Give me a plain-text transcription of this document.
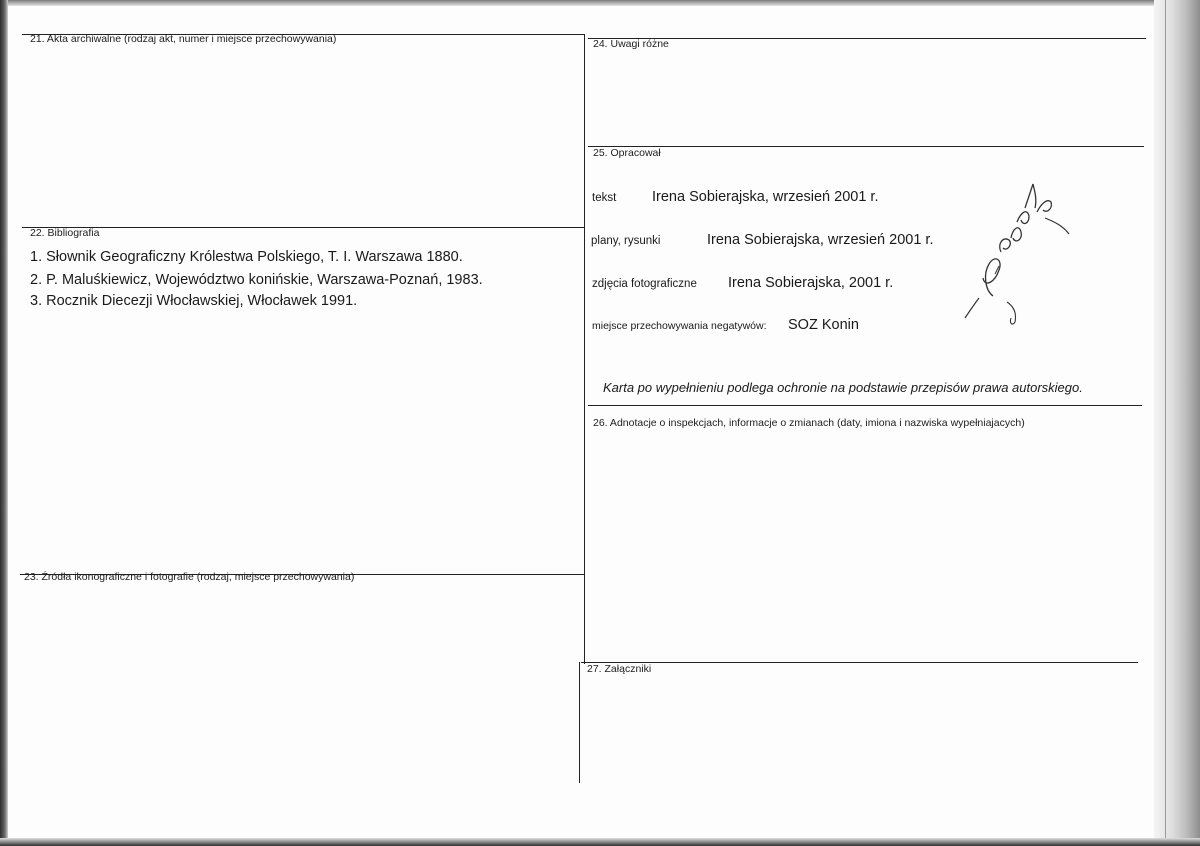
21. Akta archiwalne (rodzaj akt, numer i miejsce przechowywania)
22. Bibliografia
1. Słownik Geograficzny Królestwa Polskiego, T. I. Warszawa 1880.
2. P. Maluśkiewicz, Województwo konińskie, Warszawa-Poznań, 1983.
3. Rocznik Diecezji Włocławskiej, Włocławek 1991.
23. Źródła ikonograficzne i fotografie (rodzaj, miejsce przechowywania)
24. Uwagi różne
25. Opracował
tekst Irena Sobierajska, wrzesień 2001 r.
plany, rysunki	Irena Sobierajska, wrzesień 2001 r.
zdjęcia fotograficzne Irena Sobierajska, 2001 r.
miejsce przechowywania negatywów: SOZ Konin
Karta po wypełnieniu podlega ochronie na podstawie przepisów prawa autorskiego.
26. Adnotacje o inspekcjach, informacje o zmianach (daty, imiona i nazwiska wypełniajacych)
27. Załączniki
